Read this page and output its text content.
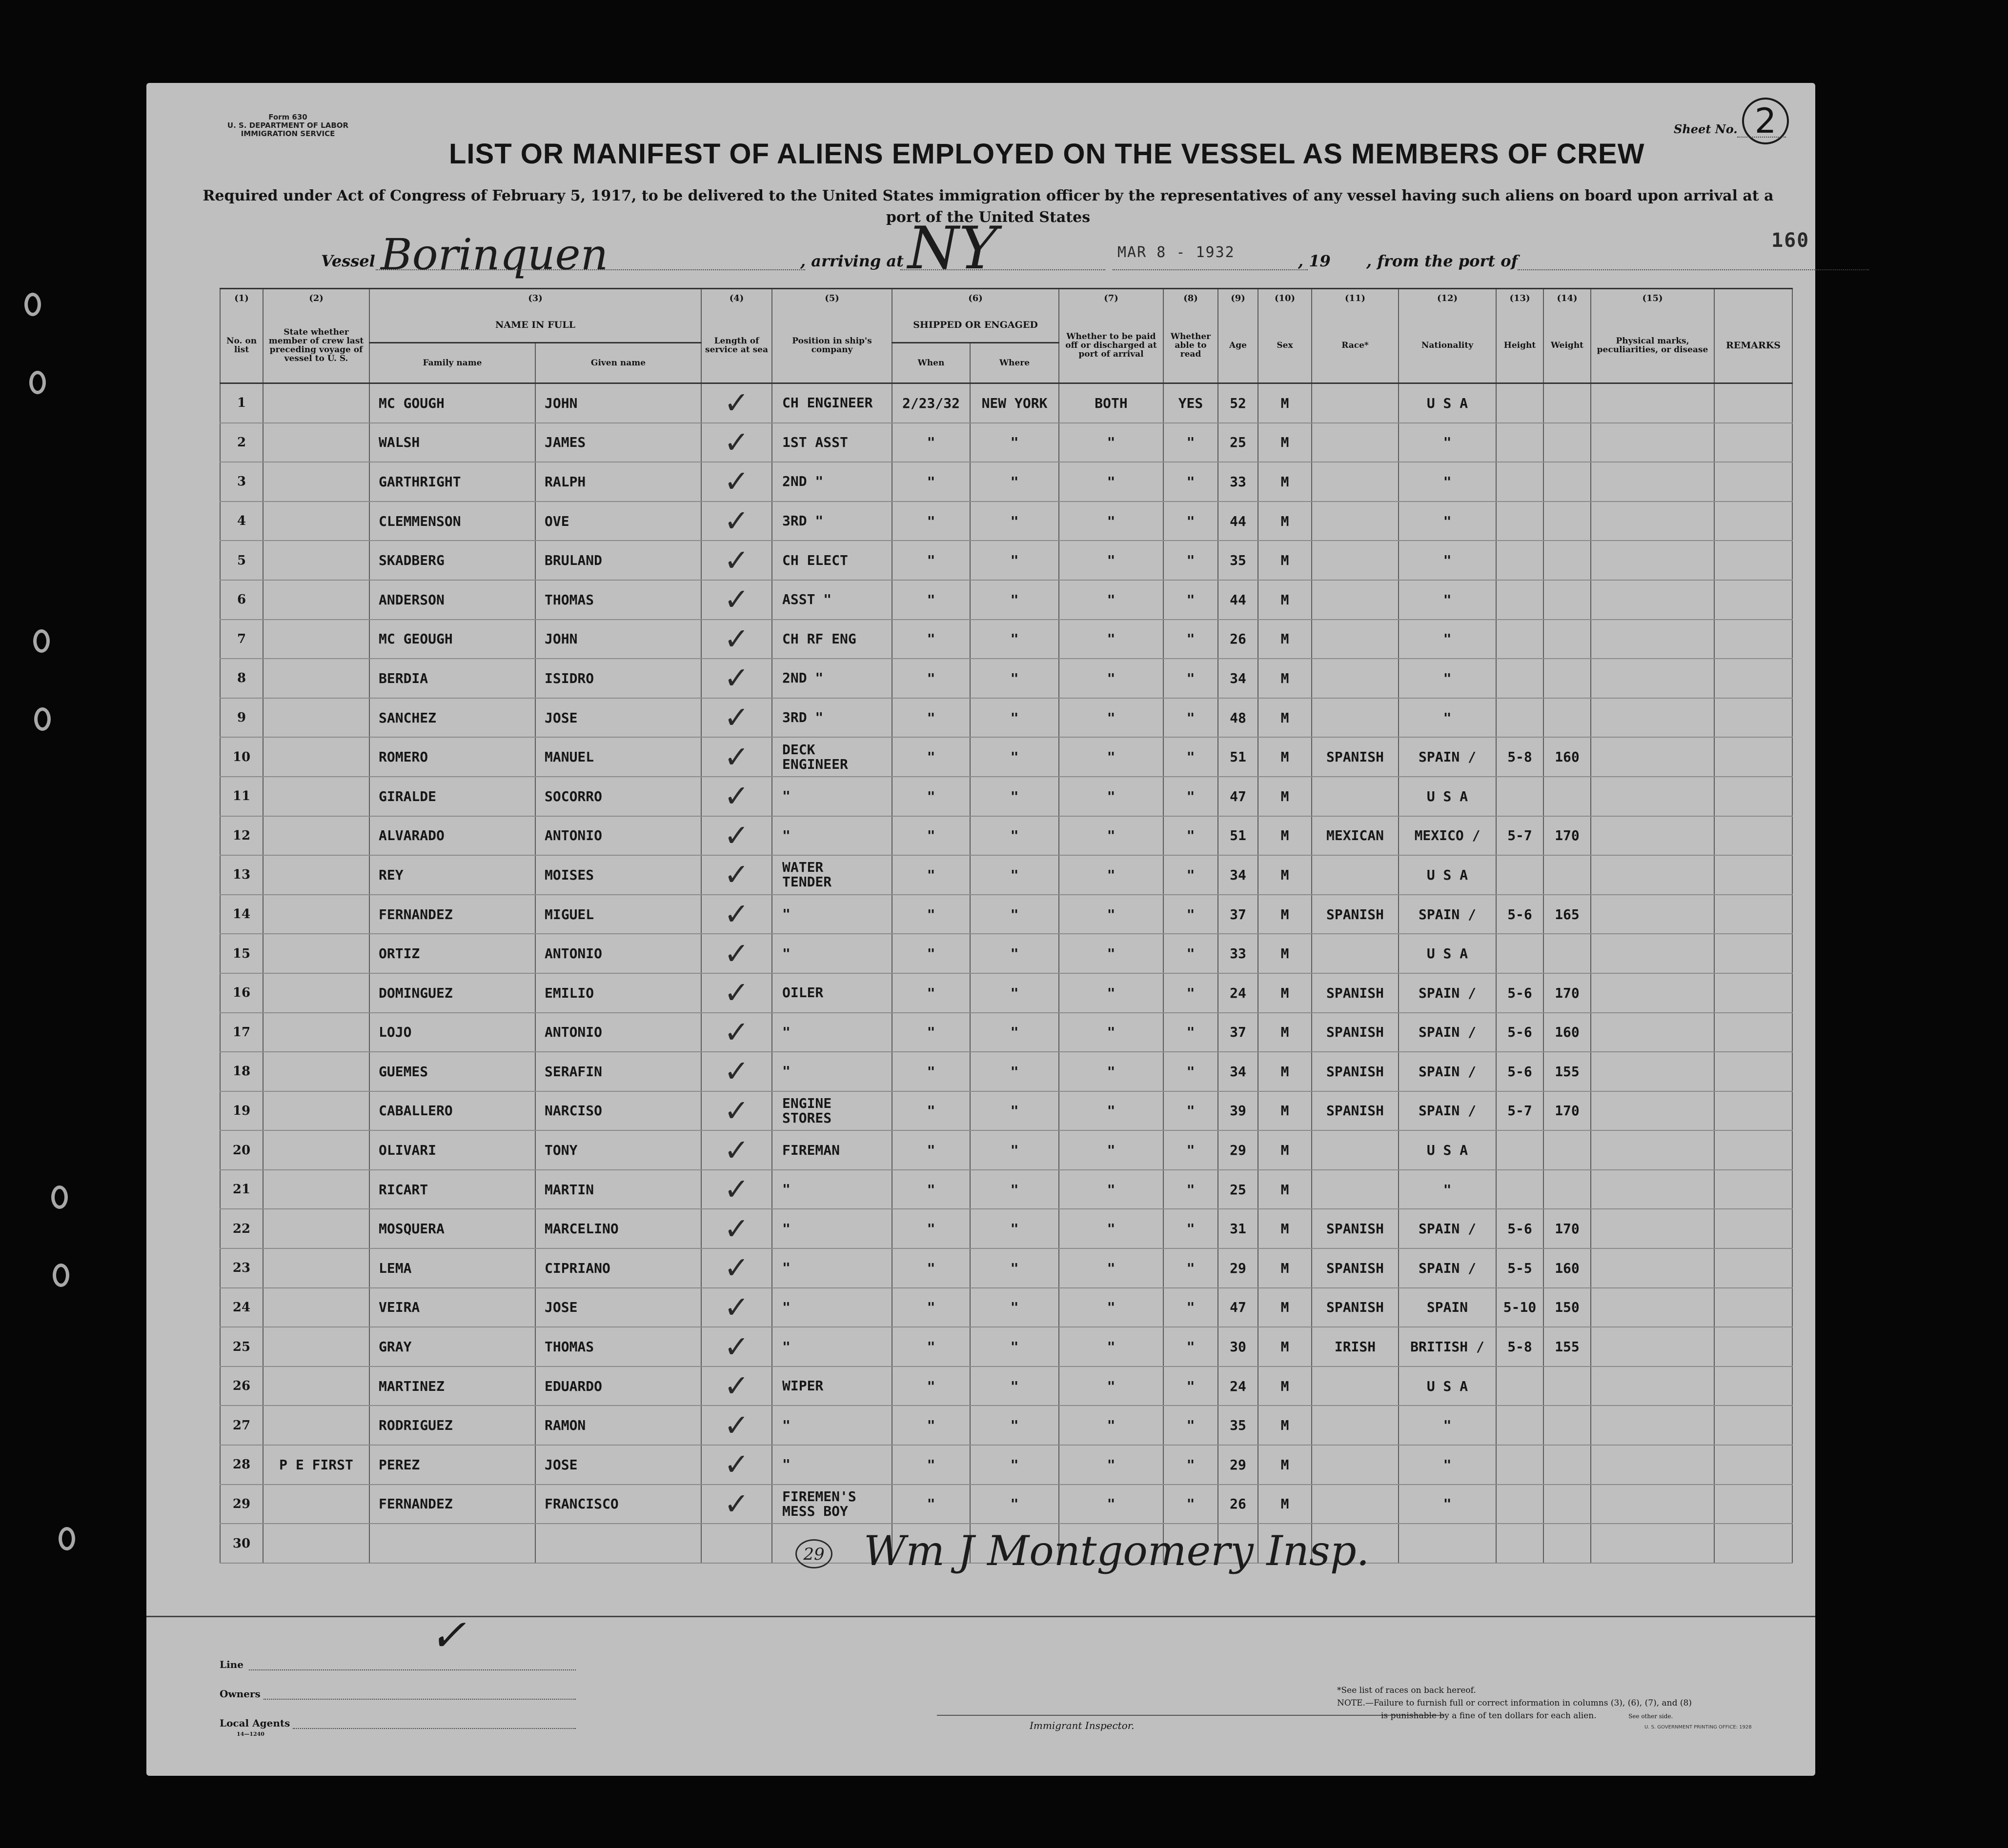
Form 630
U. S. DEPARTMENT OF LABOR
IMMIGRATION SERVICE	Sheet No. 2
LIST OR MANIFEST OF ALIENS EMPLOYED ON THE VESSEL AS MEMBERS OF CREW
Required under Act of Congress of February 5, 1917, to be delivered to the United States immigration officer by the representatives of any vessel having such aliens on board upon arrival at a
port of the United States
Vessel Borinquen	, arriving at NY	MAR 8 - 1932	, 19 , from the port of
160
(1)	(2)	(3)		(4)	(5)	(6)		(7)	(8)	(9)	(10)	(11)	(12)	(13)	(14)	(15)	
No. on list	State whether member of crew last preceding voyage of vessel to U. S.	NAME IN FULL		Length of service at sea	Position in ship's company	SHIPPED OR ENGAGED		Whether to be paid off or discharged at port of arrival	Whether able to read	Age	Sex	Race*	Nationality	Height	Weight	Physical marks, peculiarities, or disease	REMARKS
		Family name	Given name			When	Where										
1		MC GOUGH	JOHN	✓	CH ENGINEER	2/23/32	NEW YORK	BOTH	YES	52	M		U S A				
2		WALSH	JAMES	✓	1ST ASST	"	"	"	"	25	M		"				
3		GARTHRIGHT	RALPH	✓	2ND "	"	"	"	"	33	M		"				
4		CLEMMENSON	OVE	✓	3RD "	"	"	"	"	44	M		"				
5		SKADBERG	BRULAND	✓	CH ELECT	"	"	"	"	35	M		"				
6		ANDERSON	THOMAS	✓	ASST "	"	"	"	"	44	M		"				
7		MC GEOUGH	JOHN	✓	CH RF ENG	"	"	"	"	26	M		"				
8		BERDIA	ISIDRO	✓	2ND "	"	"	"	"	34	M		"				
9		SANCHEZ	JOSE	✓	3RD "	"	"	"	"	48	M		"				
10		ROMERO	MANUEL	✓	DECK
ENGINEER	"	"	"	"	51	M	SPANISH	SPAIN /	5-8	160		
11		GIRALDE	SOCORRO	✓	"	"	"	"	"	47	M		U S A				
12		ALVARADO	ANTONIO	✓	"	"	"	"	"	51	M	MEXICAN	MEXICO /	5-7	170		
13		REY	MOISES	✓	WATER
TENDER	"	"	"	"	34	M		U S A				
14		FERNANDEZ	MIGUEL	✓	"	"	"	"	"	37	M	SPANISH	SPAIN /	5-6	165		
15		ORTIZ	ANTONIO	✓	"	"	"	"	"	33	M		U S A				
16		DOMINGUEZ	EMILIO	✓	OILER	"	"	"	"	24	M	SPANISH	SPAIN /	5-6	170		
17		LOJO	ANTONIO	✓	"	"	"	"	"	37	M	SPANISH	SPAIN /	5-6	160		
18		GUEMES	SERAFIN	✓	"	"	"	"	"	34	M	SPANISH	SPAIN /	5-6	155		
19		CABALLERO	NARCISO	✓	ENGINE
STORES	"	"	"	"	39	M	SPANISH	SPAIN /	5-7	170		
20		OLIVARI	TONY	✓	FIREMAN	"	"	"	"	29	M		U S A				
21		RICART	MARTIN	✓	"	"	"	"	"	25	M		"				
22		MOSQUERA	MARCELINO	✓	"	"	"	"	"	31	M	SPANISH	SPAIN /	5-6	170		
23		LEMA	CIPRIANO	✓	"	"	"	"	"	29	M	SPANISH	SPAIN /	5-5	160		
24		VEIRA	JOSE	✓	"	"	"	"	"	47	M	SPANISH	SPAIN	5-10	150		
25		GRAY	THOMAS	✓	"	"	"	"	"	30	M	IRISH	BRITISH /	5-8	155		
26		MARTINEZ	EDUARDO	✓	WIPER	"	"	"	"	24	M		U S A				
27		RODRIGUEZ	RAMON	✓	"	"	"	"	"	35	M		"				
28	P E FIRST	PEREZ	JOSE	✓	"	"	"	"	"	29	M		"				
29		FERNANDEZ	FRANCISCO	✓	FIREMEN'S
MESS BOY	"	"	"	"	26	M		"				
30																	
29 Wm J Montgomery Insp.
✓
Line
Owners
Local Agents
14—1240
Immigrant Inspector.
*See list of races on back hereof.
NOTE.—Failure to furnish full or correct information in columns (3), (6), (7), and (8)
is punishable by a fine of ten dollars for each alien.	See other side.
U. S. GOVERNMENT PRINTING OFFICE: 1928
